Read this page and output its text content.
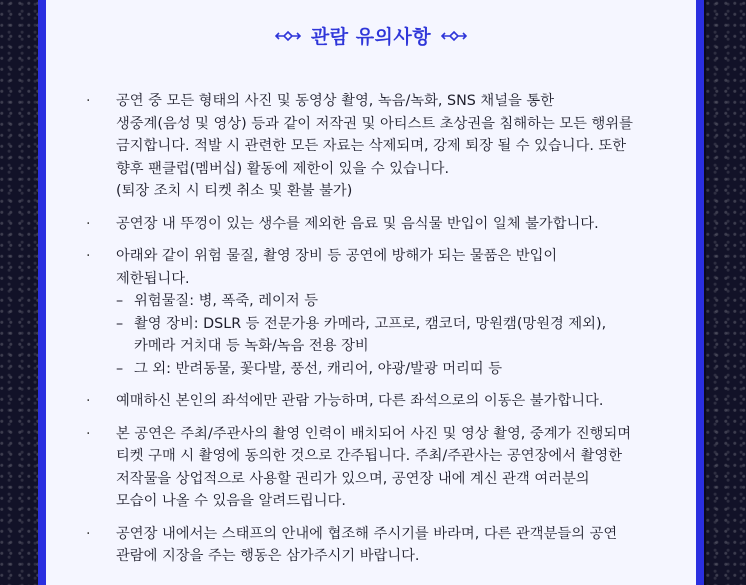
관람 유의사항
· 공연 중 모든 형태의 사진 및 동영상 촬영, 녹음/녹화, SNS 채널을 통한

생중계(음성 및 영상) 등과 같이 저작권 및 아티스트 초상권을 침해하는 모든 행위를

금지합니다. 적발 시 관련한 모든 자료는 삭제되며, 강제 퇴장 될 수 있습니다. 또한

향후 팬클럽(멤버십) 활동에 제한이 있을 수 있습니다.

(퇴장 조치 시 티켓 취소 및 환불 불가)

· 공연장 내 뚜껑이 있는 생수를 제외한 음료 및 음식물 반입이 일체 불가합니다.

· 아래와 같이 위험 물질, 촬영 장비 등 공연에 방해가 되는 물품은 반입이

제한됩니다.

– 위험물질: 병, 폭죽, 레이저 등

– 촬영 장비: DSLR 등 전문가용 카메라, 고프로, 캠코더, 망원캠(망원경 제외),

카메라 거치대 등 녹화/녹음 전용 장비

– 그 외: 반려동물, 꽃다발, 풍선, 캐리어, 야광/발광 머리띠 등

· 예매하신 본인의 좌석에만 관람 가능하며, 다른 좌석으로의 이동은 불가합니다.

· 본 공연은 주최/주관사의 촬영 인력이 배치되어 사진 및 영상 촬영, 중계가 진행되며

티켓 구매 시 촬영에 동의한 것으로 간주됩니다. 주최/주관사는 공연장에서 촬영한

저작물을 상업적으로 사용할 권리가 있으며, 공연장 내에 계신 관객 여러분의

모습이 나올 수 있음을 알려드립니다.

· 공연장 내에서는 스태프의 안내에 협조해 주시기를 바라며, 다른 관객분들의 공연

관람에 지장을 주는 행동은 삼가주시기 바랍니다.
